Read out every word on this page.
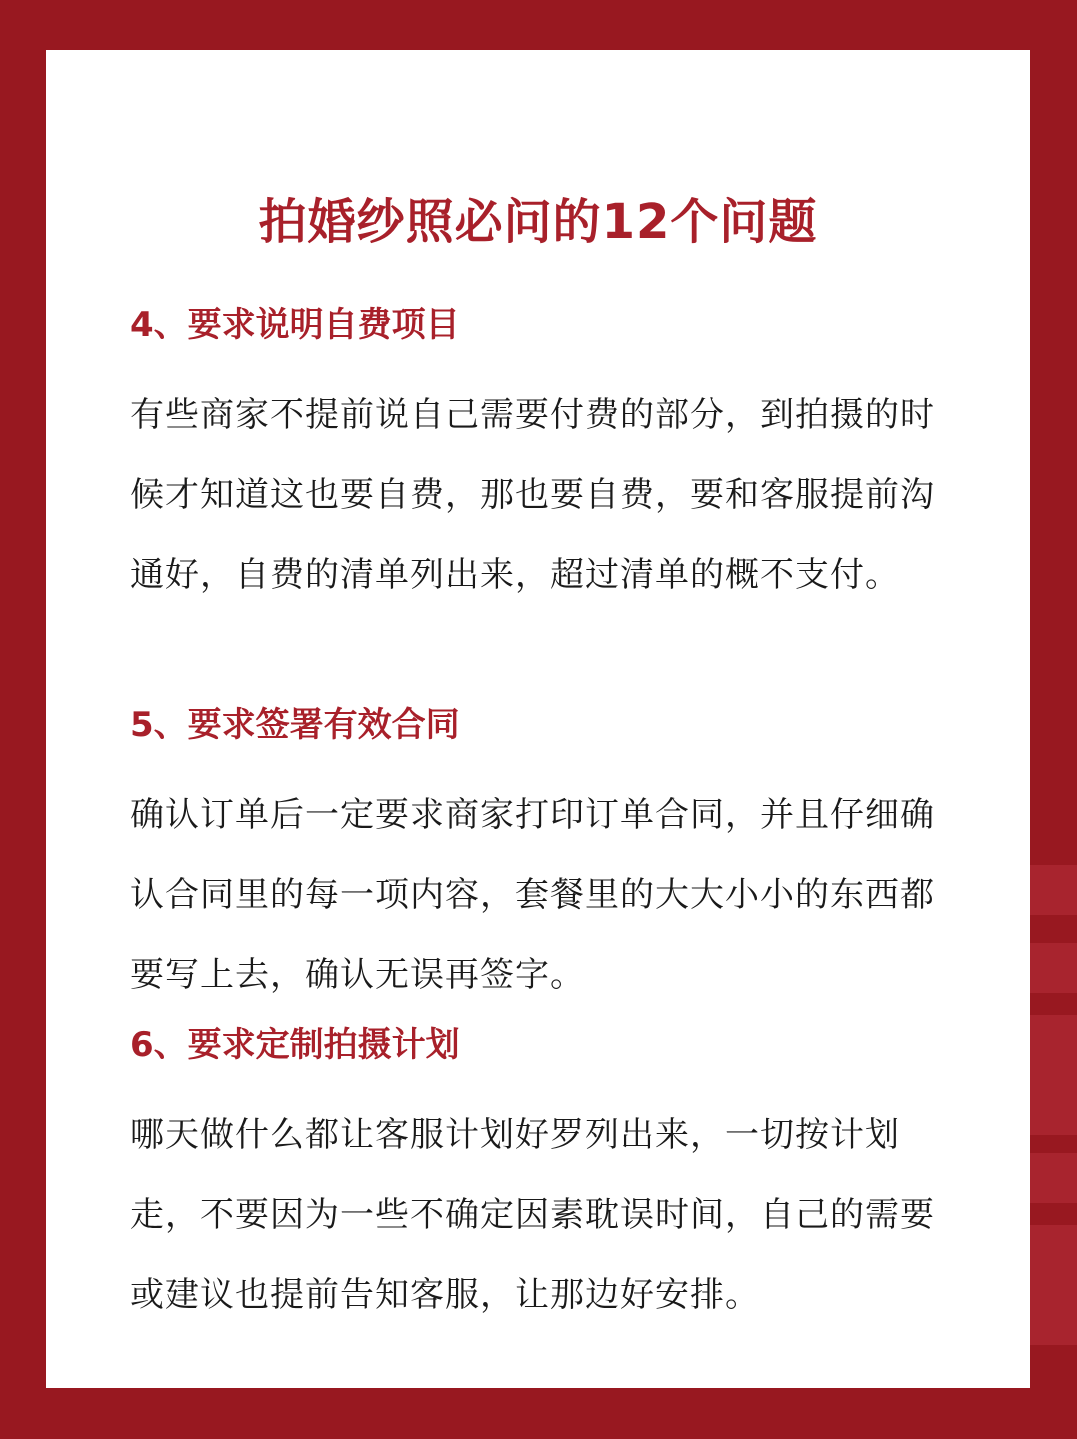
拍婚纱照必问的12个问题
4、要求说明自费项目
有些商家不提前说自己需要付费的部分，到拍摄的时候才知道这也要自费，那也要自费，要和客服提前沟通好，自费的清单列出来，超过清单的概不支付。
5、要求签署有效合同
确认订单后一定要求商家打印订单合同，并且仔细确认合同里的每一项内容，套餐里的大大小小的东西都要写上去，确认无误再签字。
6、要求定制拍摄计划
哪天做什么都让客服计划好罗列出来，一切按计划走，不要因为一些不确定因素耽误时间，自己的需要或建议也提前告知客服，让那边好安排。
